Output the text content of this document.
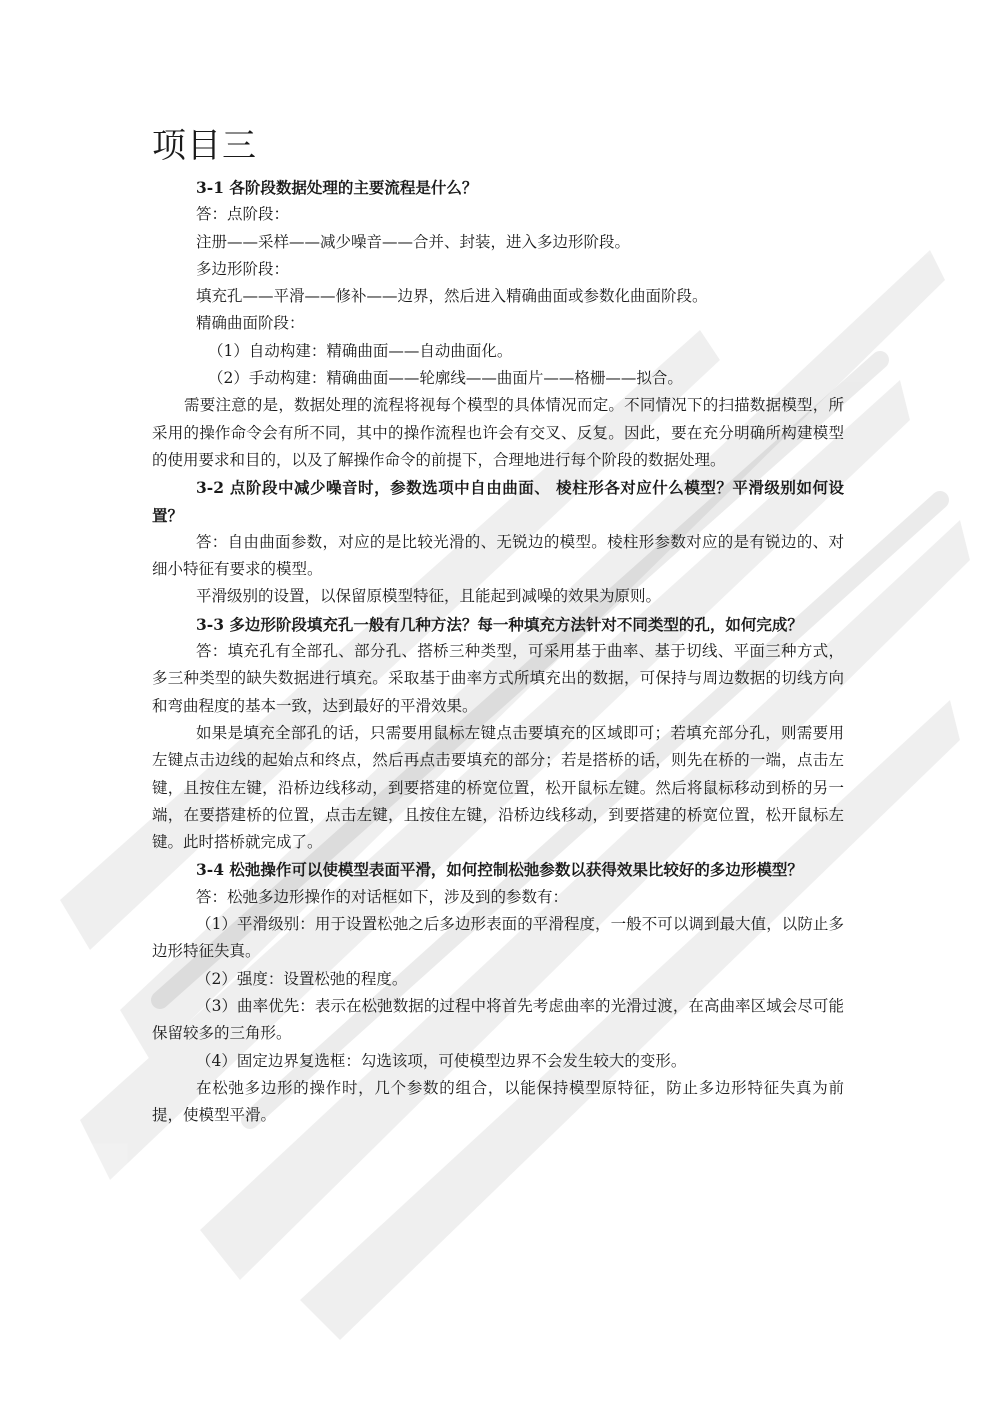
项目三

3-1 各阶段数据处理的主要流程是什么？

答：点阶段：

注册——采样——减少噪音——合并、封装，进入多边形阶段。

多边形阶段：

填充孔——平滑——修补——边界，然后进入精确曲面或参数化曲面阶段。

精确曲面阶段：

（1）自动构建：精确曲面——自动曲面化。

（2）手动构建：精确曲面——轮廓线——曲面片——格栅——拟合。

需要注意的是，数据处理的流程将视每个模型的具体情况而定。不同情况下的扫描数据模型，所采用的操作命令会有所不同，其中的操作流程也许会有交叉、反复。因此，要在充分明确所构建模型的使用要求和目的，以及了解操作命令的前提下，合理地进行每个阶段的数据处理。

3-2 点阶段中减少噪音时，参数选项中自由曲面、 棱柱形各对应什么模型？平滑级别如何设置？

答：自由曲面参数，对应的是比较光滑的、无锐边的模型。棱柱形参数对应的是有锐边的、对细小特征有要求的模型。

平滑级别的设置，以保留原模型特征，且能起到减噪的效果为原则。

3-3 多边形阶段填充孔一般有几种方法？每一种填充方法针对不同类型的孔，如何完成？

答：填充孔有全部孔、部分孔、搭桥三种类型，可采用基于曲率、基于切线、平面三种方式，多三种类型的缺失数据进行填充。采取基于曲率方式所填充出的数据，可保持与周边数据的切线方向和弯曲程度的基本一致，达到最好的平滑效果。

如果是填充全部孔的话，只需要用鼠标左键点击要填充的区域即可；若填充部分孔，则需要用左键点击边线的起始点和终点，然后再点击要填充的部分；若是搭桥的话，则先在桥的一端，点击左键，且按住左键，沿桥边线移动，到要搭建的桥宽位置，松开鼠标左键。然后将鼠标移动到桥的另一端，在要搭建桥的位置，点击左键，且按住左键，沿桥边线移动，到要搭建的桥宽位置，松开鼠标左键。此时搭桥就完成了。

3-4 松弛操作可以使模型表面平滑，如何控制松弛参数以获得效果比较好的多边形模型？

答：松弛多边形操作的对话框如下，涉及到的参数有：

（1）平滑级别：用于设置松弛之后多边形表面的平滑程度，一般不可以调到最大值，以防止多边形特征失真。

（2）强度：设置松弛的程度。

（3）曲率优先：表示在松弛数据的过程中将首先考虑曲率的光滑过渡，在高曲率区域会尽可能保留较多的三角形。

（4）固定边界复选框：勾选该项，可使模型边界不会发生较大的变形。

在松弛多边形的操作时，几个参数的组合，以能保持模型原特征，防止多边形特征失真为前提，使模型平滑。
